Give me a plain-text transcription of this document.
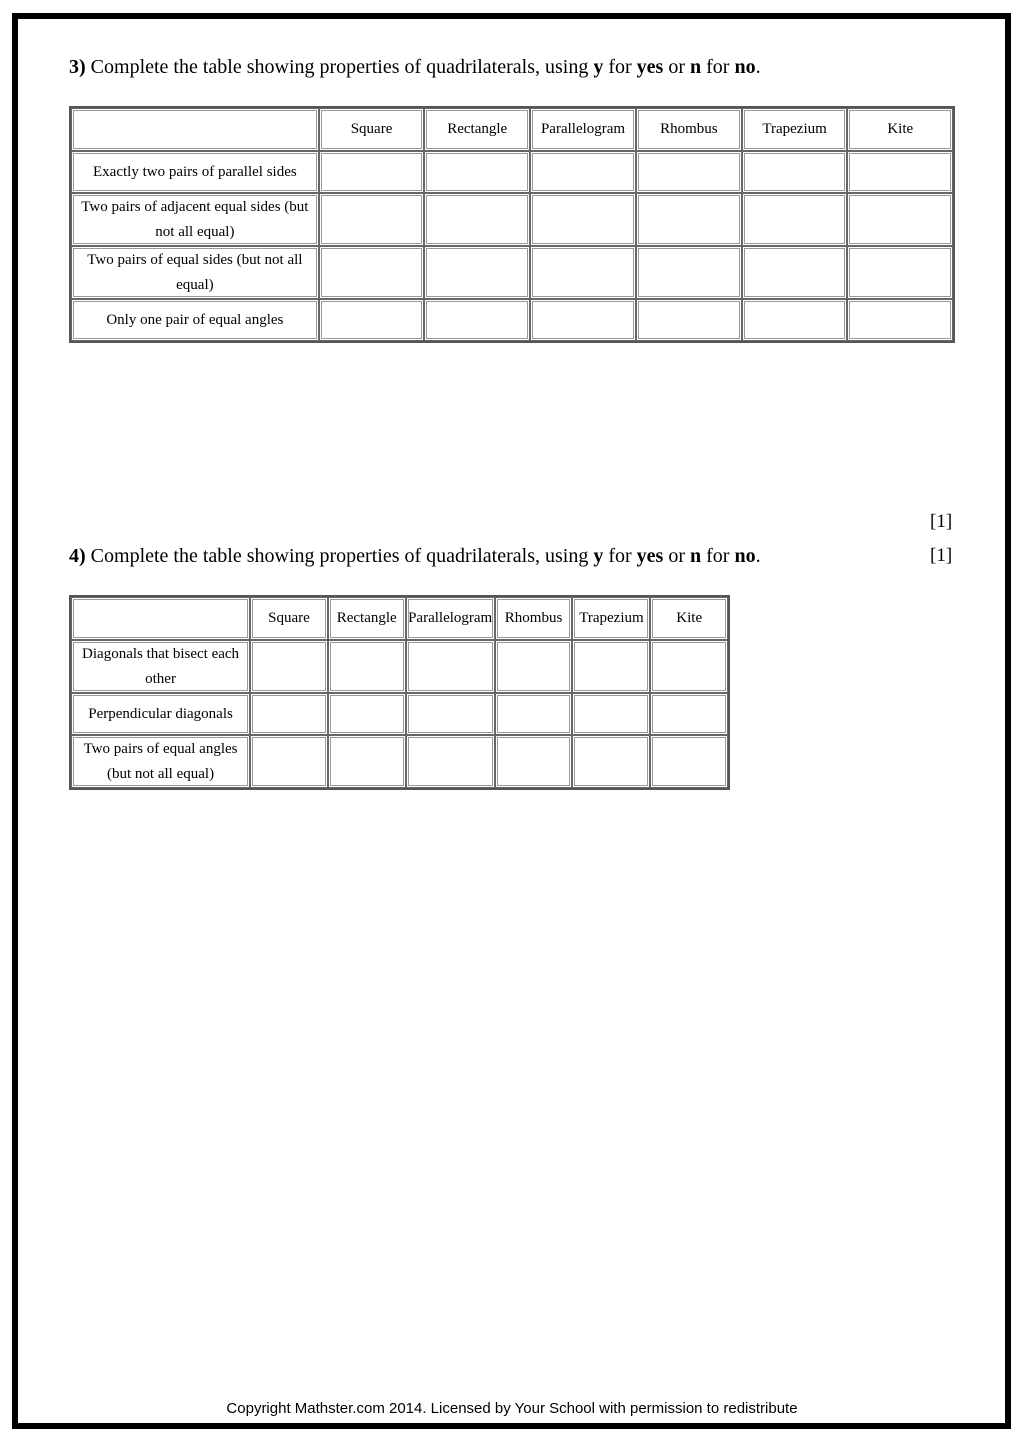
3) Complete the table showing properties of quadrilaterals, using y for yes or n for no.
	Square	Rectangle	Parallelogram	Rhombus	Trapezium	Kite
Exactly two pairs of parallel sides						
Two pairs of adjacent equal sides (but not all equal)						
Two pairs of equal sides (but not all equal)						
Only one pair of equal angles						
[1]
4) Complete the table showing properties of quadrilaterals, using y for yes or n for no.	[1]
	Square	Rectangle	Parallelogram	Rhombus	Trapezium	Kite
Diagonals that bisect each other						
Perpendicular diagonals						
Two pairs of equal angles (but not all equal)						
Copyright Mathster.com 2014. Licensed by Your School with permission to redistribute
